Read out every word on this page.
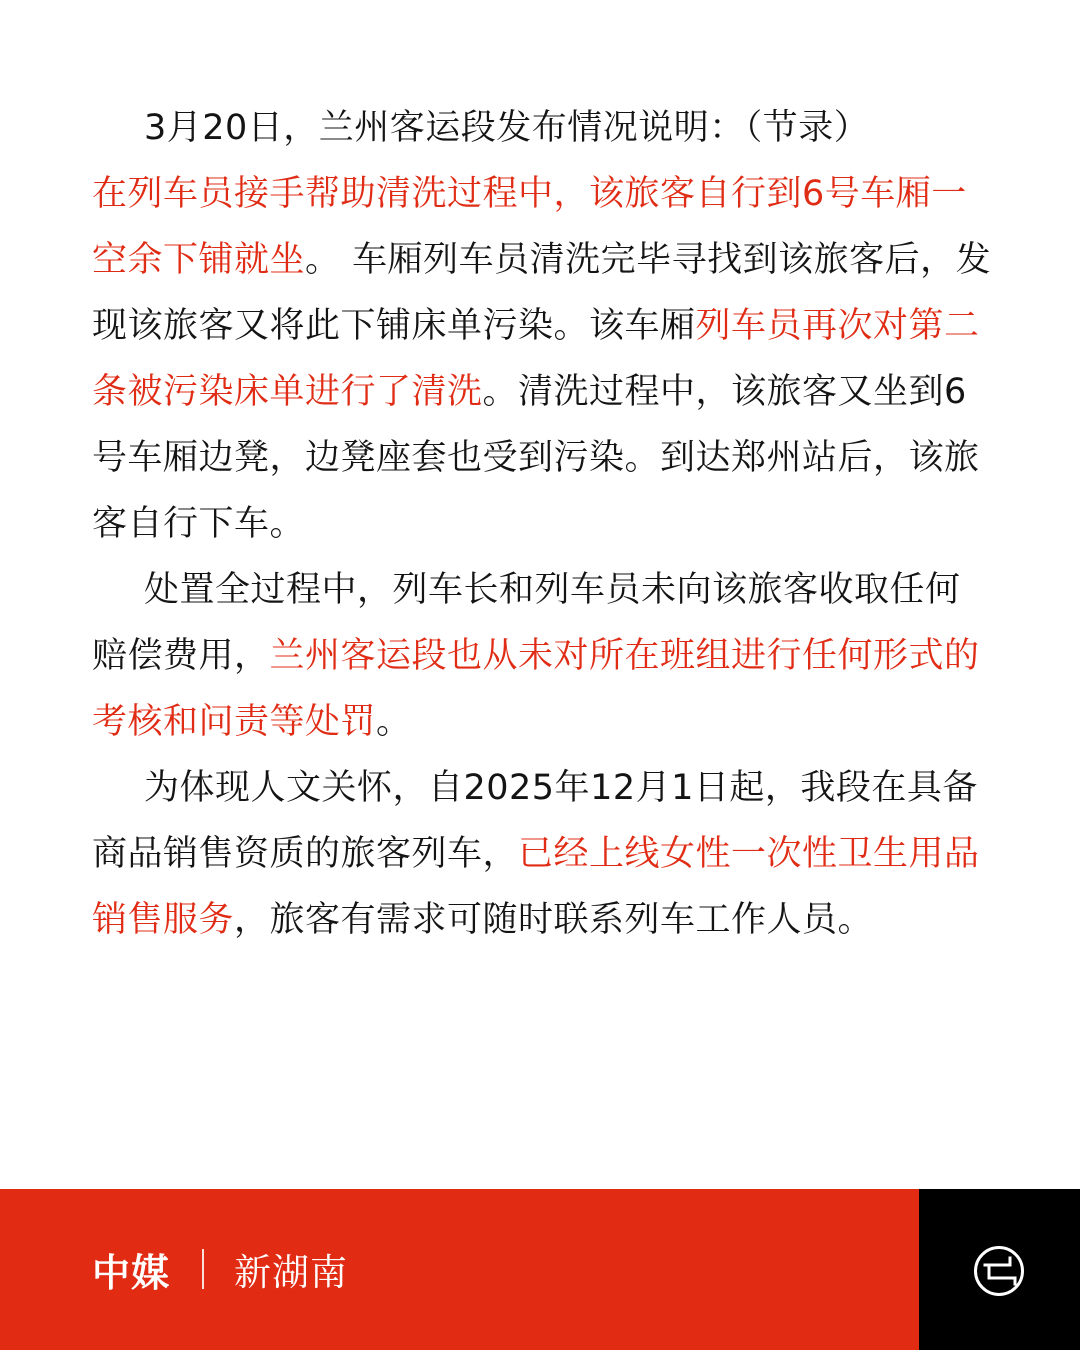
3月20日，兰州客运段发布情况说明：（节录）
在列车员接手帮助清洗过程中，该旅客自行到6号车厢一空余下铺就坐。 车厢列车员清洗完毕寻找到该旅客后，发现该旅客又将此下铺床单污染。该车厢列车员再次对第二条被污染床单进行了清洗。清洗过程中，该旅客又坐到6号车厢边凳，边凳座套也受到污染。到达郑州站后，该旅客自行下车。

处置全过程中，列车长和列车员未向该旅客收取任何赔偿费用，兰州客运段也从未对所在班组进行任何形式的考核和问责等处罚。

为体现人文关怀，自2025年12月1日起，我段在具备商品销售资质的旅客列车，已经上线女性一次性卫生用品销售服务，旅客有需求可随时联系列车工作人员。

中媒 新湖南
